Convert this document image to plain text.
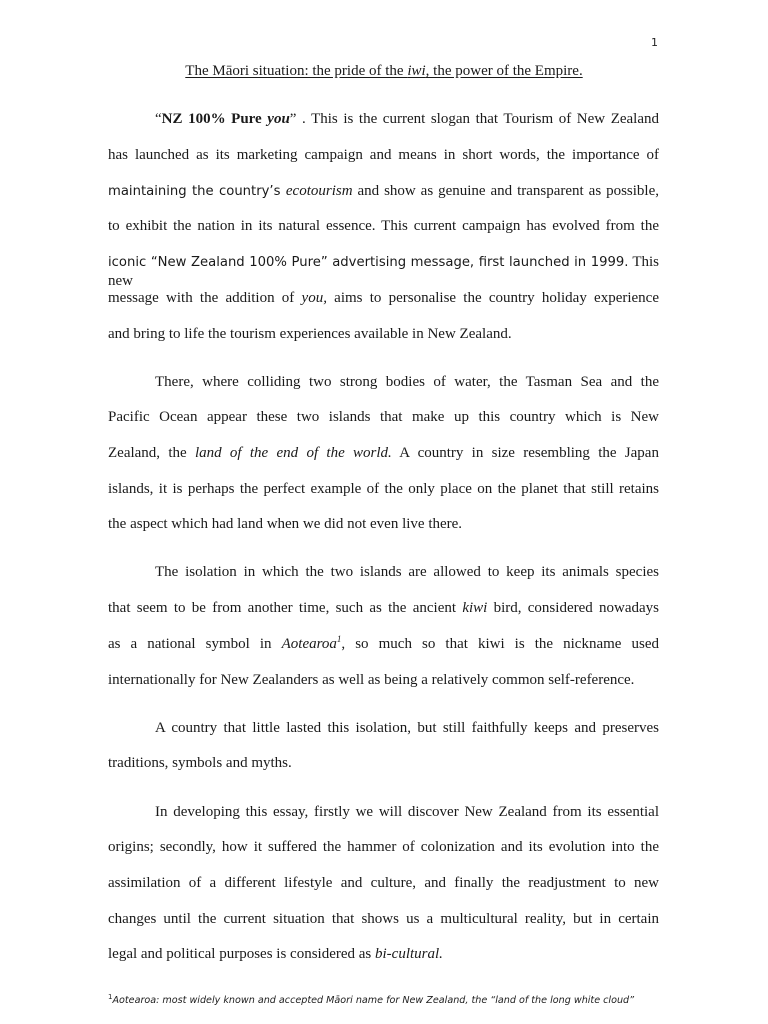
1
The Māori situation: the pride of the iwi, the power of the Empire.
“NZ 100% Pure you” . This is the current slogan that Tourism of New Zealand
has launched as its marketing campaign and means in short words, the importance of
maintaining the country’s ecotourism and show as genuine and transparent as possible,
to exhibit the nation in its natural essence. This current campaign has evolved from the
iconic “New Zealand 100% Pure” advertising message, first launched in 1999. This new
message with the addition of you, aims to personalise the country holiday experience
and bring to life the tourism experiences available in New Zealand.
There, where colliding two strong bodies of water, the Tasman Sea and the
Pacific Ocean appear these two islands that make up this country which is New
Zealand, the land of the end of the world. A country in size resembling the Japan
islands, it is perhaps the perfect example of the only place on the planet that still retains
the aspect which had land when we did not even live there.
The isolation in which the two islands are allowed to keep its animals species
that seem to be from another time, such as the ancient kiwi bird, considered nowadays
as a national symbol in Aotearoa$^1$, so much so that kiwi is the nickname used
internationally for New Zealanders as well as being a relatively common self-reference.
A country that little lasted this isolation, but still faithfully keeps and preserves
traditions, symbols and myths.
In developing this essay, firstly we will discover New Zealand from its essential
origins; secondly, how it suffered the hammer of colonization and its evolution into the
assimilation of a different lifestyle and culture, and finally the readjustment to new
changes until the current situation that shows us a multicultural reality, but in certain
legal and political purposes is considered as bi-cultural.
$^1$Aotearoa: most widely known and accepted Māori name for New Zealand, the “land of the long white cloud”
